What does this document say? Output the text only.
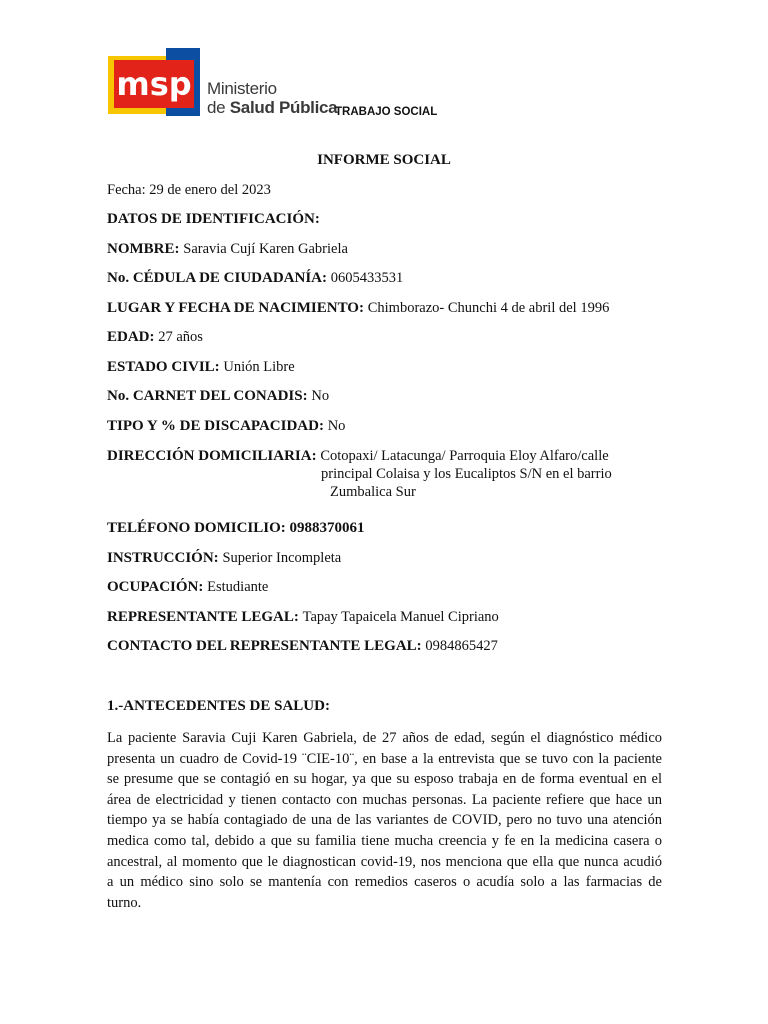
msp Ministerio
de Salud Pública
TRABAJO SOCIAL
INFORME SOCIAL
Fecha: 29 de enero del 2023
DATOS DE IDENTIFICACIÓN:
NOMBRE: Saravia Cují Karen Gabriela
No. CÉDULA DE CIUDADANÍA: 0605433531
LUGAR Y FECHA DE NACIMIENTO: Chimborazo- Chunchi 4 de abril del 1996
EDAD: 27 años
ESTADO CIVIL: Unión Libre
No. CARNET DEL CONADIS: No
TIPO Y % DE DISCAPACIDAD: No
DIRECCIÓN DOMICILIARIA: Cotopaxi/ Latacunga/ Parroquia Eloy Alfaro/calle
principal Colaisa y los Eucaliptos S/N en el barrio
Zumbalica Sur
TELÉFONO DOMICILIO: 0988370061
INSTRUCCIÓN: Superior Incompleta
OCUPACIÓN: Estudiante
REPRESENTANTE LEGAL: Tapay Tapaicela Manuel Cipriano
CONTACTO DEL REPRESENTANTE LEGAL: 0984865427
1.-ANTECEDENTES DE SALUD:
La paciente Saravia Cuji Karen Gabriela, de 27 años de edad, según el diagnóstico médico
presenta un cuadro de Covid-19 ¨CIE-10¨, en base a la entrevista que se tuvo con la paciente
se presume que se contagió en su hogar, ya que su esposo trabaja en de forma eventual en el
área de electricidad y tienen contacto con muchas personas. La paciente refiere que hace un
tiempo ya se había contagiado de una de las variantes de COVID, pero no tuvo una atención
medica como tal, debido a que su familia tiene mucha creencia y fe en la medicina casera o
ancestral, al momento que le diagnostican covid-19, nos menciona que ella que nunca acudió
a un médico sino solo se mantenía con remedios caseros o acudía solo a las farmacias de
turno.
